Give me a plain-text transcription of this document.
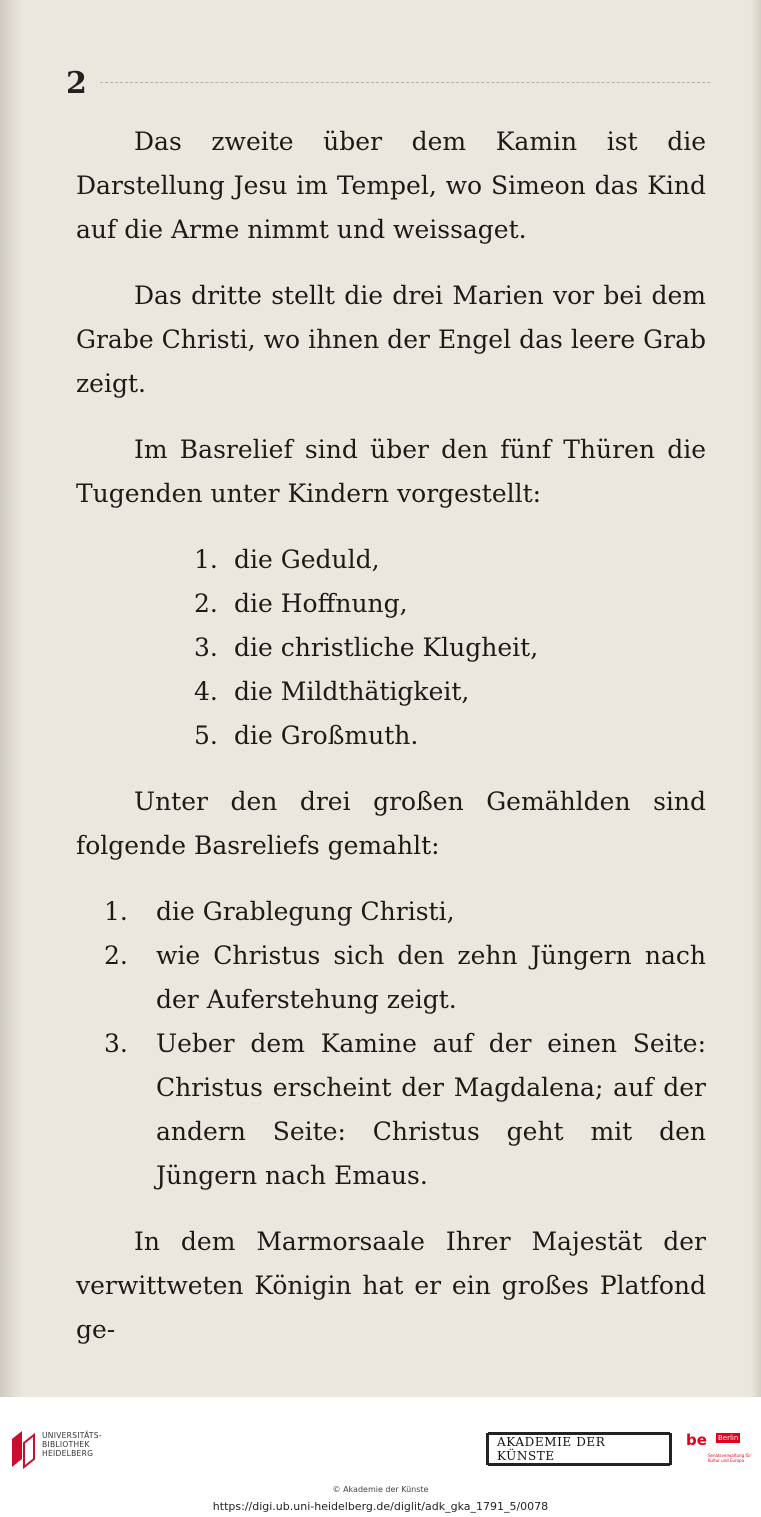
2

Das zweite über dem Kamin ist die Darstellung Jesu im Tempel, wo Simeon das Kind auf die Arme nimmt und weissaget.

Das dritte stellt die drei Marien vor bei dem Grabe Christi, wo ihnen der Engel das leere Grab zeigt.

Im Basrelief sind über den fünf Thüren die Tugenden unter Kindern vorgestellt:

1. die Geduld,
2. die Hoffnung,
3. die christliche Klugheit,
4. die Mildthätigkeit,
5. die Großmuth.

Unter den drei großen Gemählden sind folgende Basreliefs gemahlt:

1. die Grablegung Christi,
2. wie Christus sich den zehn Jüngern nach der Auferstehung zeigt.
3. Ueber dem Kamine auf der einen Seite: Christus erscheint der Magdalena; auf der andern Seite: Christus geht mit den Jüngern nach Emaus.

In dem Marmorsaale Ihrer Majestät der verwittweten Königin hat er ein großes Platfond ge-

UNIVERSITÄTS-
BIBLIOTHEK
HEIDELBERG
AKADEMIE DER KÜNSTE
be Berlin
Senatsverwaltung für Kultur und Europa
© Akademie der Künste
https://digi.ub.uni-heidelberg.de/diglit/adk_gka_1791_5/0078
